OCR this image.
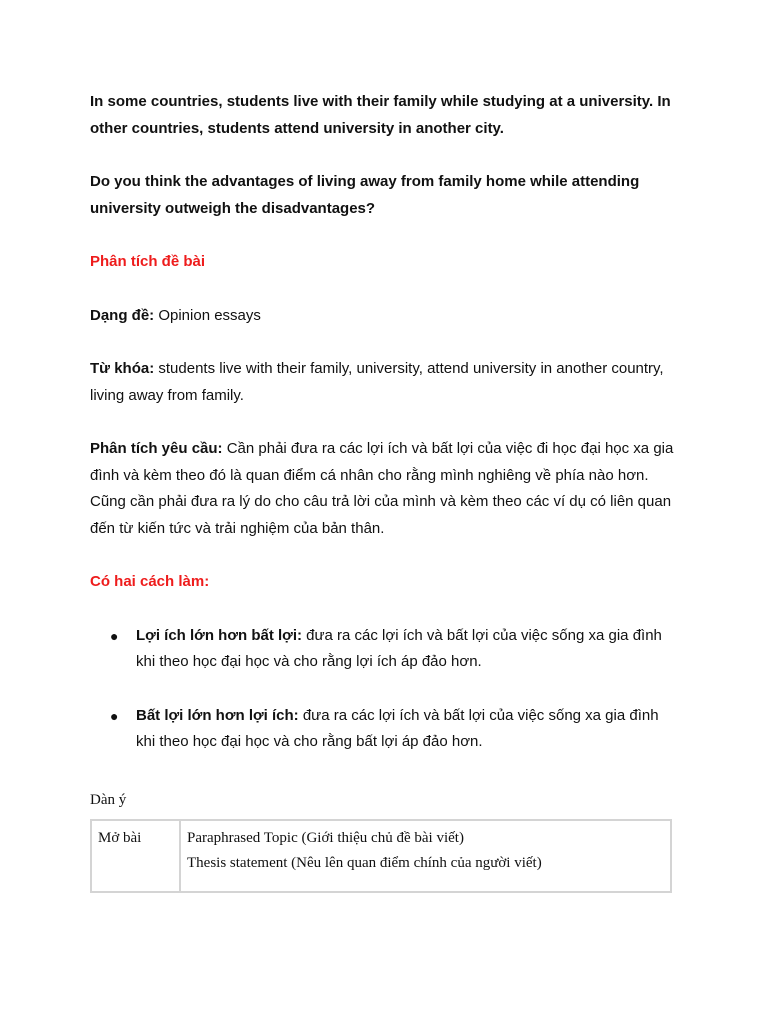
In some countries, students live with their family while studying at a university. In other countries, students attend university in another city.

Do you think the advantages of living away from family home while attending university outweigh the disadvantages?

Phân tích đề bài

Dạng đề: Opinion essays

Từ khóa: students live with their family, university, attend university in another country, living away from family.

Phân tích yêu cầu: Cần phải đưa ra các lợi ích và bất lợi của việc đi học đại học xa gia đình và kèm theo đó là quan điểm cá nhân cho rằng mình nghiêng về phía nào hơn. Cũng cần phải đưa ra lý do cho câu trả lời của mình và kèm theo các ví dụ có liên quan đến từ kiến tức và trải nghiệm của bản thân.

Có hai cách làm:

● Lợi ích lớn hơn bất lợi: đưa ra các lợi ích và bất lợi của việc sống xa gia đình khi theo học đại học và cho rằng lợi ích áp đảo hơn.
● Bất lợi lớn hơn lợi ích: đưa ra các lợi ích và bất lợi của việc sống xa gia đình khi theo học đại học và cho rằng bất lợi áp đảo hơn.
Dàn ý
Mở bài	Paraphrased Topic (Giới thiệu chủ đề bài viết)
Thesis statement (Nêu lên quan điểm chính của người viết)
